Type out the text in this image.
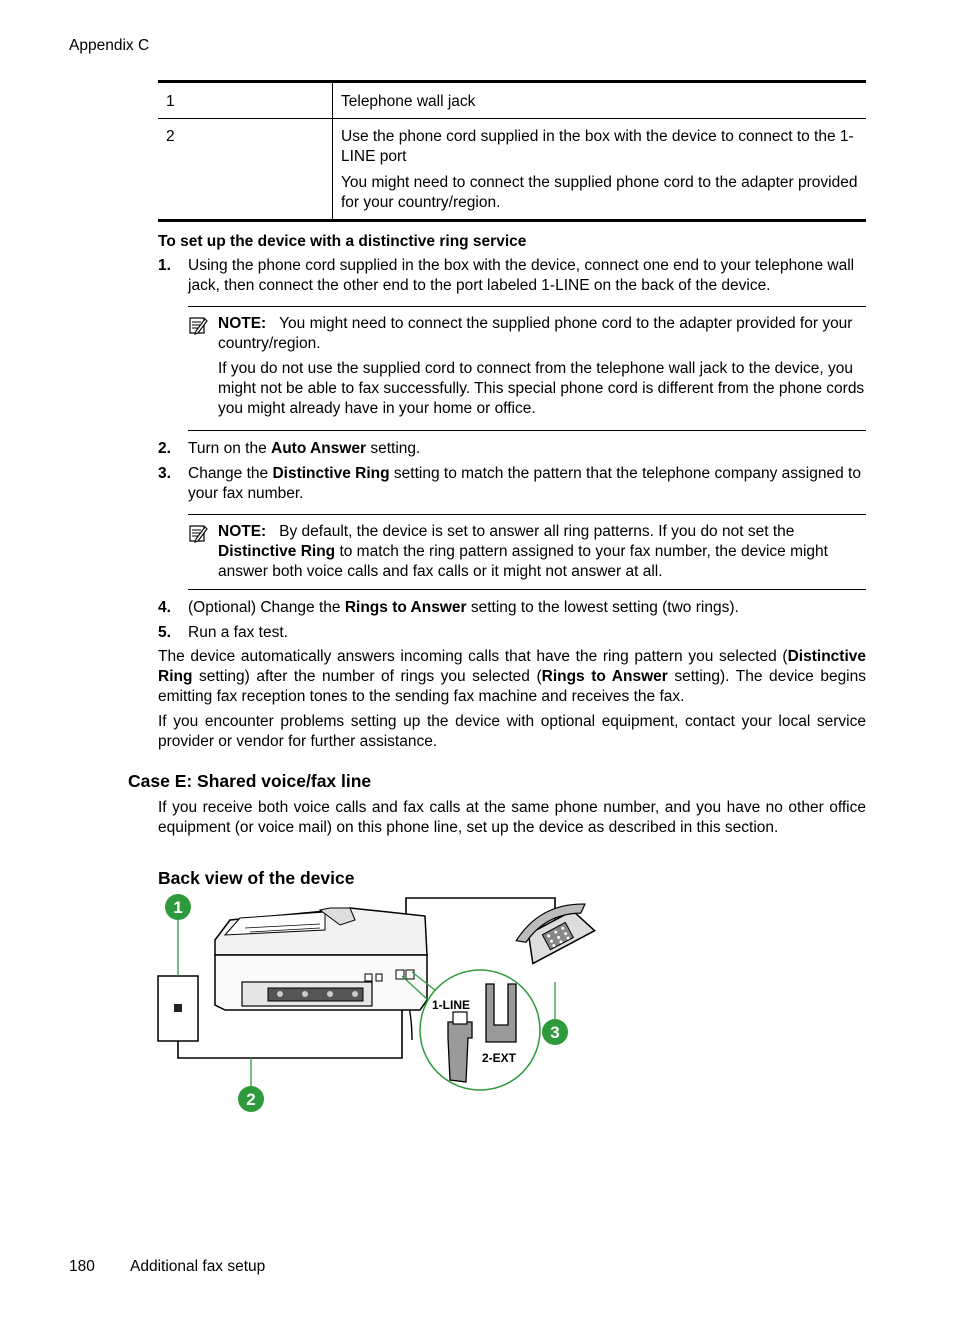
Appendix C
1	Telephone wall jack

2	Use the phone cord supplied in the box with the device to connect to the 1-LINE port

You might need to connect the supplied phone cord to the adapter provided for your country/region.

To set up the device with a distinctive ring service
1. Using the phone cord supplied in the box with the device, connect one end to your telephone wall jack, then connect the other end to the port labeled 1-LINE on the back of the device.

NOTE: You might need to connect the supplied phone cord to the adapter provided for your country/region.

If you do not use the supplied cord to connect from the telephone wall jack to the device, you might not be able to fax successfully. This special phone cord is different from the phone cords you might already have in your home or office.

2. Turn on the Auto Answer setting.
3. Change the Distinctive Ring setting to match the pattern that the telephone company assigned to your fax number.

NOTE: By default, the device is set to answer all ring patterns. If you do not set the Distinctive Ring to match the ring pattern assigned to your fax number, the device might answer both voice calls and fax calls or it might not answer at all.

4. (Optional) Change the Rings to Answer setting to the lowest setting (two rings).
5. Run a fax test.
The device automatically answers incoming calls that have the ring pattern you selected (Distinctive Ring setting) after the number of rings you selected (Rings to Answer setting). The device begins emitting fax reception tones to the sending fax machine and receives the fax.
If you encounter problems setting up the device with optional equipment, contact your local service provider or vendor for further assistance.
Case E: Shared voice/fax line
If you receive both voice calls and fax calls at the same phone number, and you have no other office equipment (or voice mail) on this phone line, set up the device as described in this section.
Back view of the device
1-LINE
2-EXT
1
2
3
180 Additional fax setup
